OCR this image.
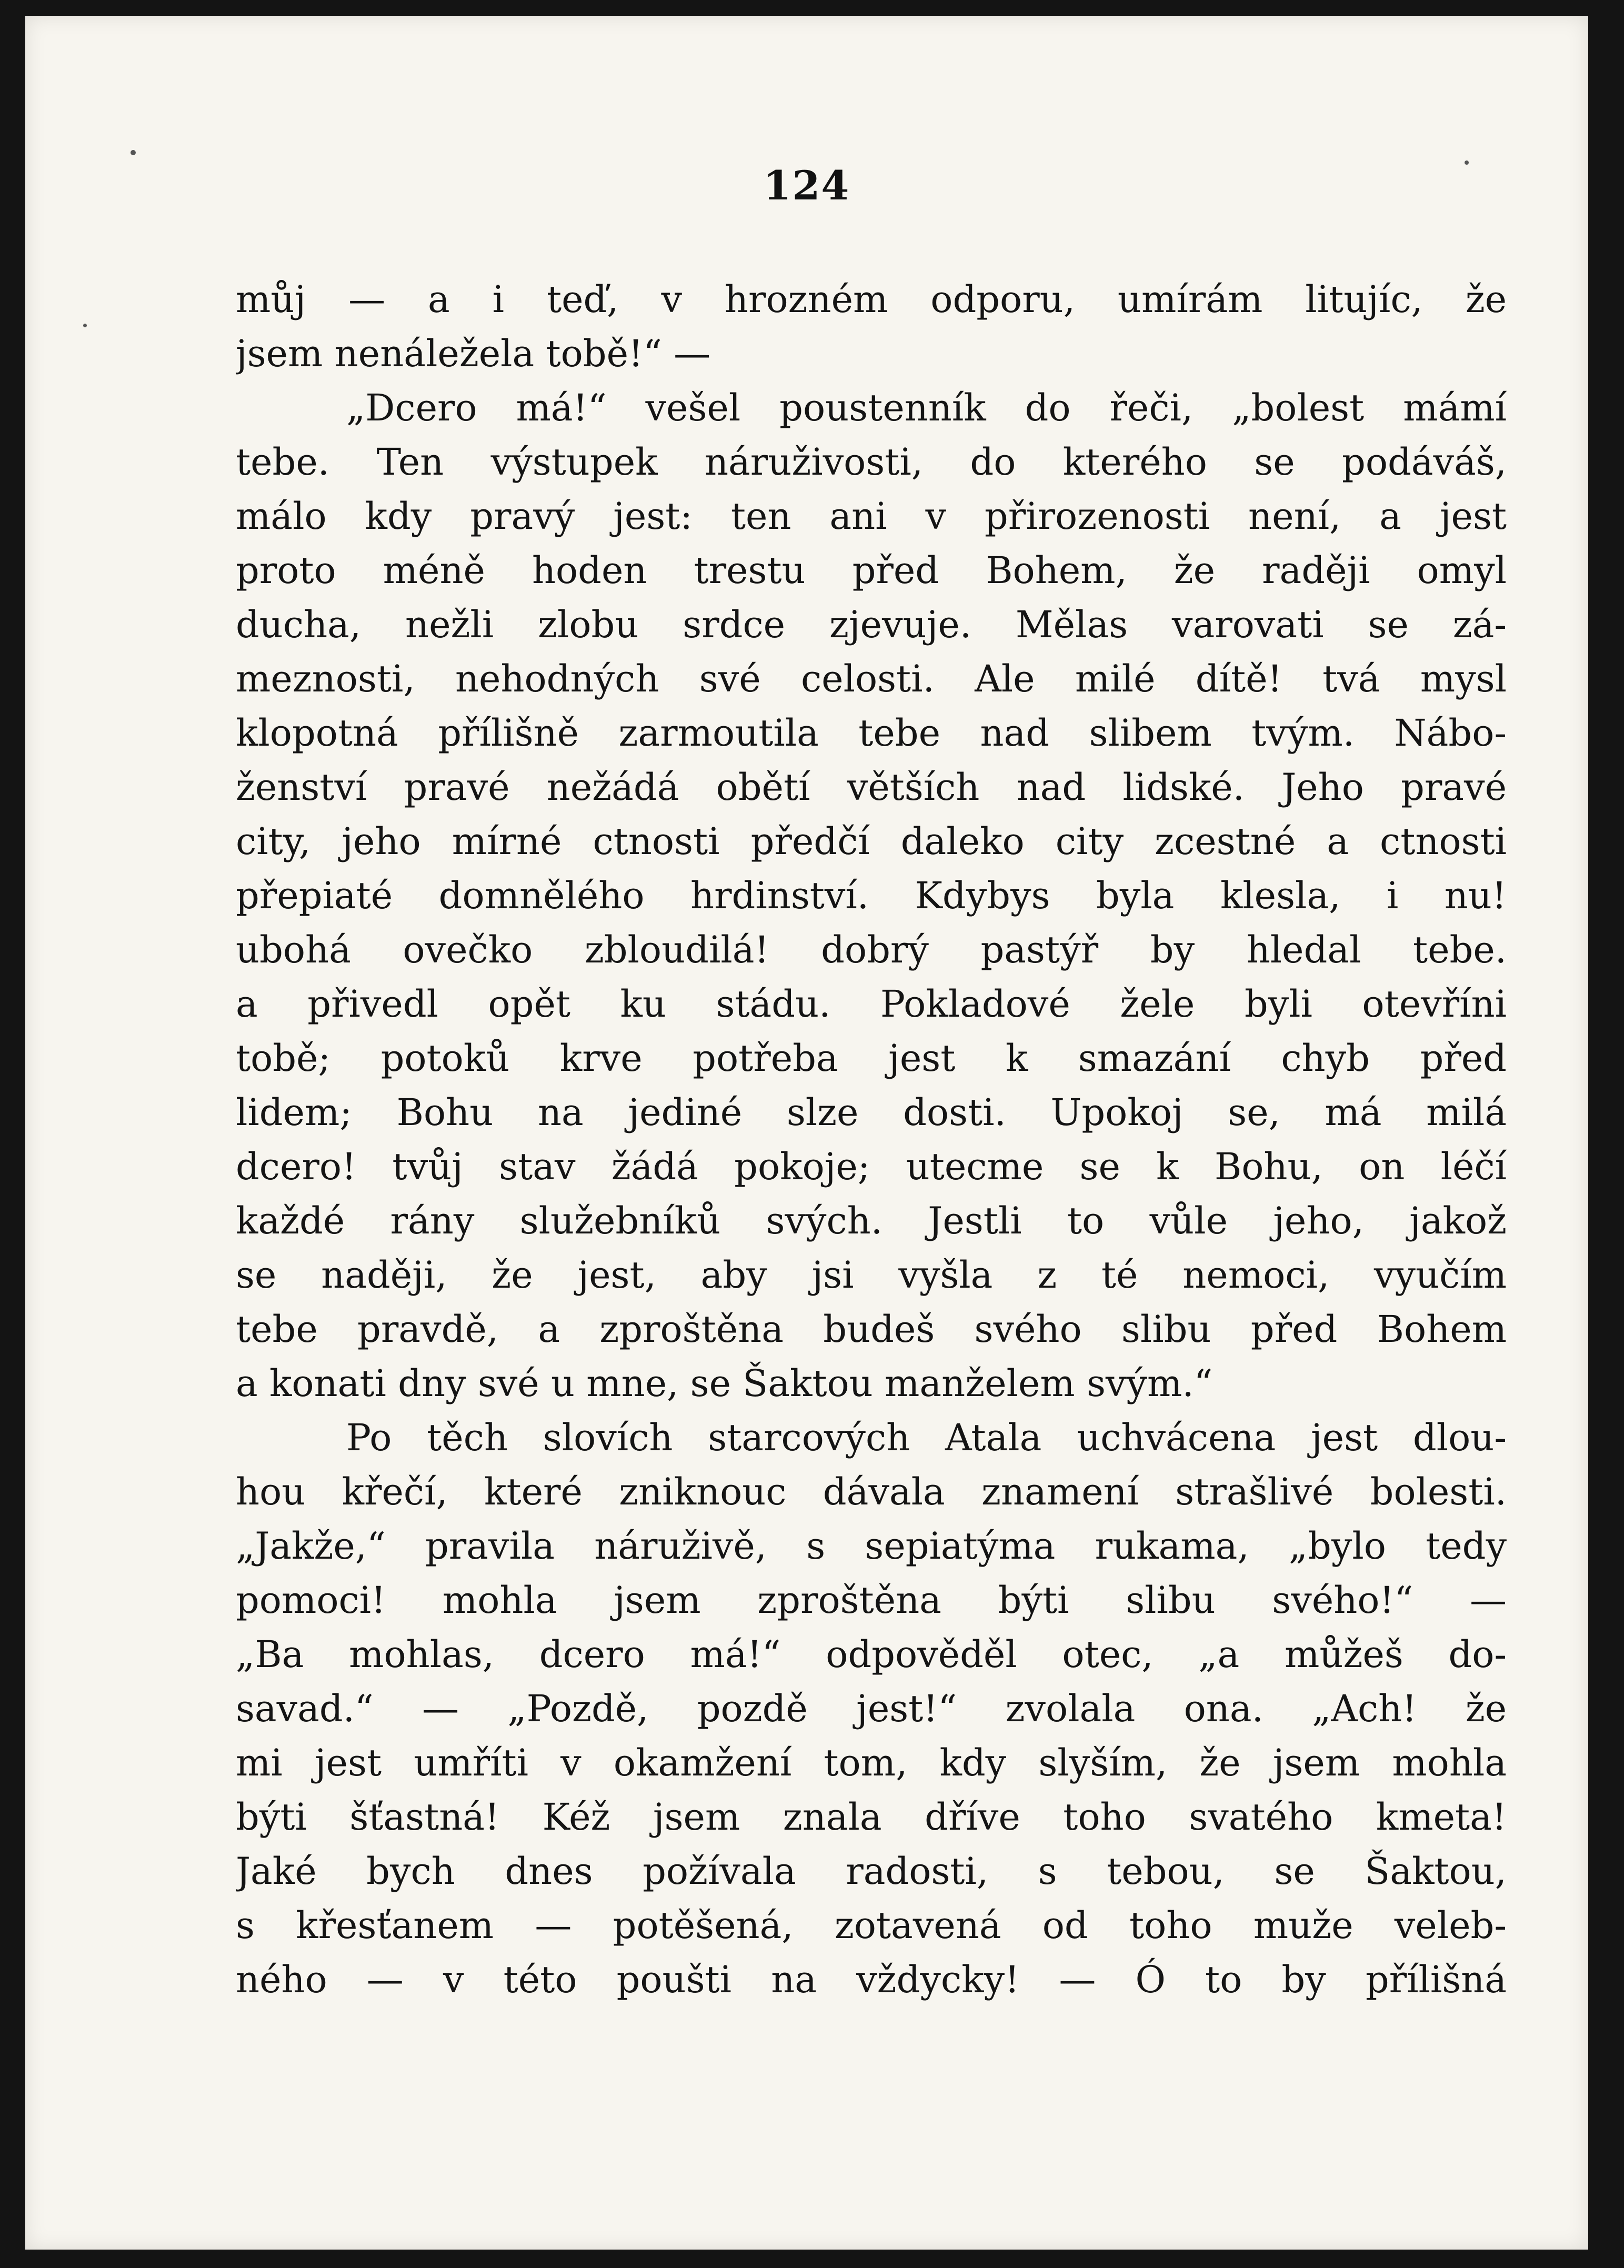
124
můj — a i teď, v hrozném odporu, umírám litujíc, že
jsem nenáležela tobě!“ —
„Dcero má!“ vešel poustenník do řeči, „bolest mámí
tebe. Ten výstupek náruživosti, do kterého se podáváš,
málo kdy pravý jest: ten ani v přirozenosti není, a jest
proto méně hoden trestu před Bohem, že raději omyl
ducha, nežli zlobu srdce zjevuje. Mělas varovati se zá-
meznosti, nehodných své celosti. Ale milé dítě! tvá mysl
klopotná přílišně zarmoutila tebe nad slibem tvým. Nábo-
ženství pravé nežádá obětí větších nad lidské. Jeho pravé
city, jeho mírné ctnosti předčí daleko city zcestné a ctnosti
přepiaté domnělého hrdinství. Kdybys byla klesla, i nu!
ubohá ovečko zbloudilá! dobrý pastýř by hledal tebe.
a přivedl opět ku stádu. Pokladové žele byli otevříni
tobě; potoků krve potřeba jest k smazání chyb před
lidem; Bohu na jediné slze dosti. Upokoj se, má milá
dcero! tvůj stav žádá pokoje; utecme se k Bohu, on léčí
každé rány služebníků svých. Jestli to vůle jeho, jakož
se naději, že jest, aby jsi vyšla z té nemoci, vyučím
tebe pravdě, a zproštěna budeš svého slibu před Bohem
a konati dny své u mne, se Šaktou manželem svým.“
Po těch slovích starcových Atala uchvácena jest dlou-
hou křečí, které zniknouc dávala znamení strašlivé bolesti.
„Jakže,“ pravila náruživě, s sepiatýma rukama, „bylo tedy
pomoci! mohla jsem zproštěna býti slibu svého!“ —
„Ba mohlas, dcero má!“ odpověděl otec, „a můžeš do-
savad.“ — „Pozdě, pozdě jest!“ zvolala ona. „Ach! že
mi jest umříti v okamžení tom, kdy slyším, že jsem mohla
býti šťastná! Kéž jsem znala dříve toho svatého kmeta!
Jaké bych dnes požívala radosti, s tebou, se Šaktou,
s křesťanem — potěšená, zotavená od toho muže veleb-
ného — v této poušti na vždycky! — Ó to by přílišná
